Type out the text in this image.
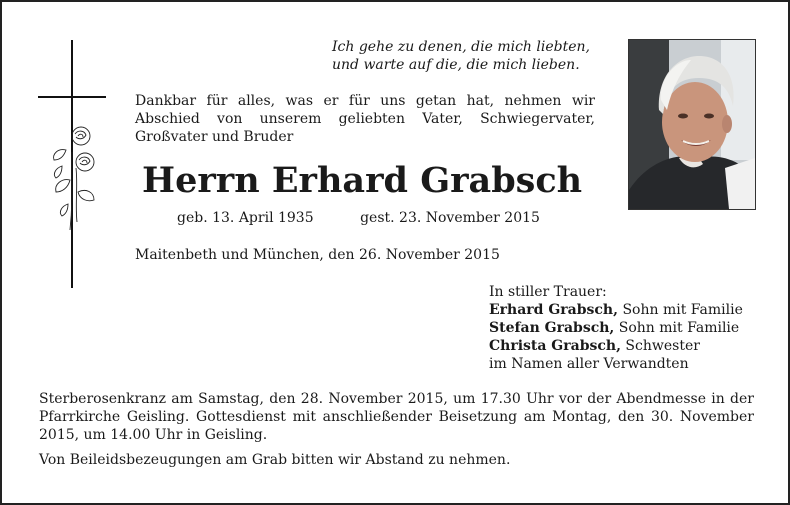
Ich gehe zu denen, die mich liebten,
und warte auf die, die mich lieben.
Dankbar für alles, was er für uns getan hat, nehmen wir Abschied von unserem geliebten Vater, Schwiegervater, Großvater und Bruder
Herrn Erhard Grabsch
geb. 13. April 1935	gest. 23. November 2015
Maitenbeth und München, den 26. November 2015
In stiller Trauer:
Erhard Grabsch, Sohn mit Familie
Stefan Grabsch, Sohn mit Familie
Christa Grabsch, Schwester
im Namen aller Verwandten
Sterberosenkranz am Samstag, den 28. November 2015, um 17.30 Uhr vor der Abendmesse in der Pfarrkirche Geisling. Gottesdienst mit anschließender Beisetzung am Montag, den 30. November 2015, um 14.00 Uhr in Geisling.
Von Beileidsbezeugungen am Grab bitten wir Abstand zu nehmen.
